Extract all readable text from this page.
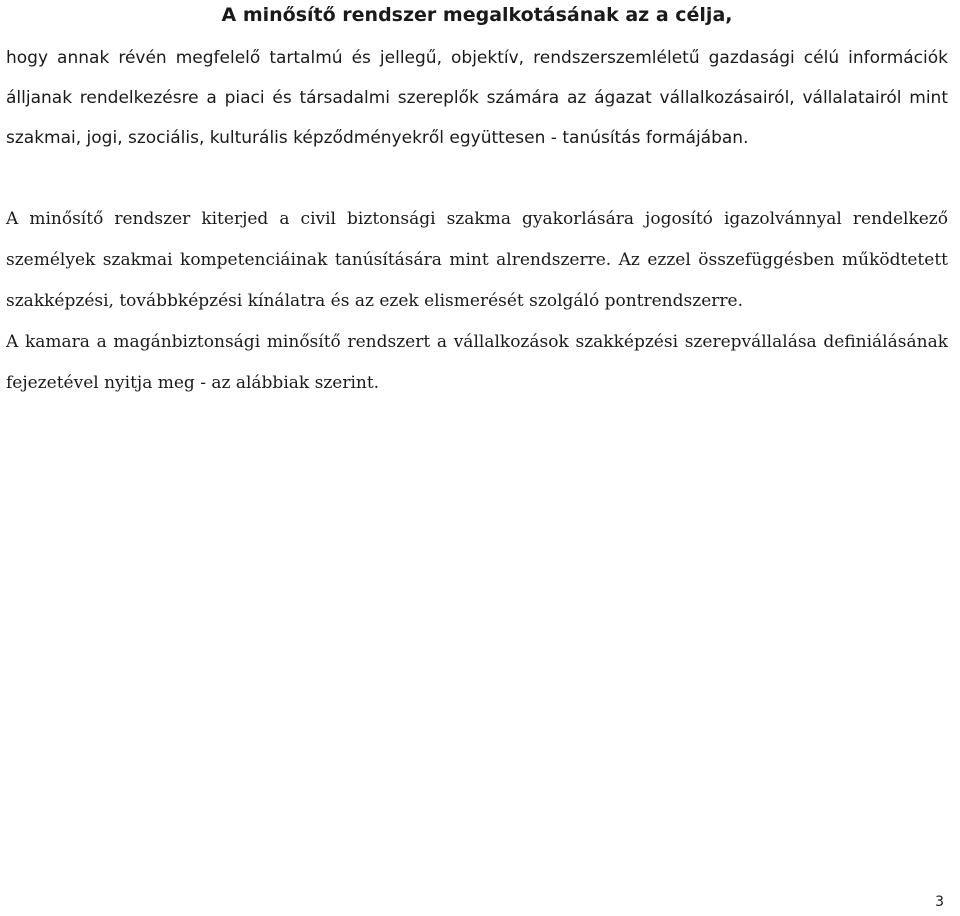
A minősítő rendszer megalkotásának az a célja,

hogy annak révén megfelelő tartalmú és jellegű, objektív, rendszerszemléletű gazdasági célú információk álljanak rendelkezésre a piaci és társadalmi szereplők számára az ágazat vállalkozásairól, vállalatairól mint szakmai, jogi, szociális, kulturális képződményekről együttesen - tanúsítás formájában.

A minősítő rendszer kiterjed a civil biztonsági szakma gyakorlására jogosító igazolvánnyal rendelkező személyek szakmai kompetenciáinak tanúsítására mint alrendszerre. Az ezzel összefüggésben működtetett szakképzési, továbbképzési kínálatra és az ezek elismerését szolgáló pontrendszerre.

A kamara a magánbiztonsági minősítő rendszert a vállalkozások szakképzési szerepvállalása definiálásának fejezetével nyitja meg - az alábbiak szerint.

3
